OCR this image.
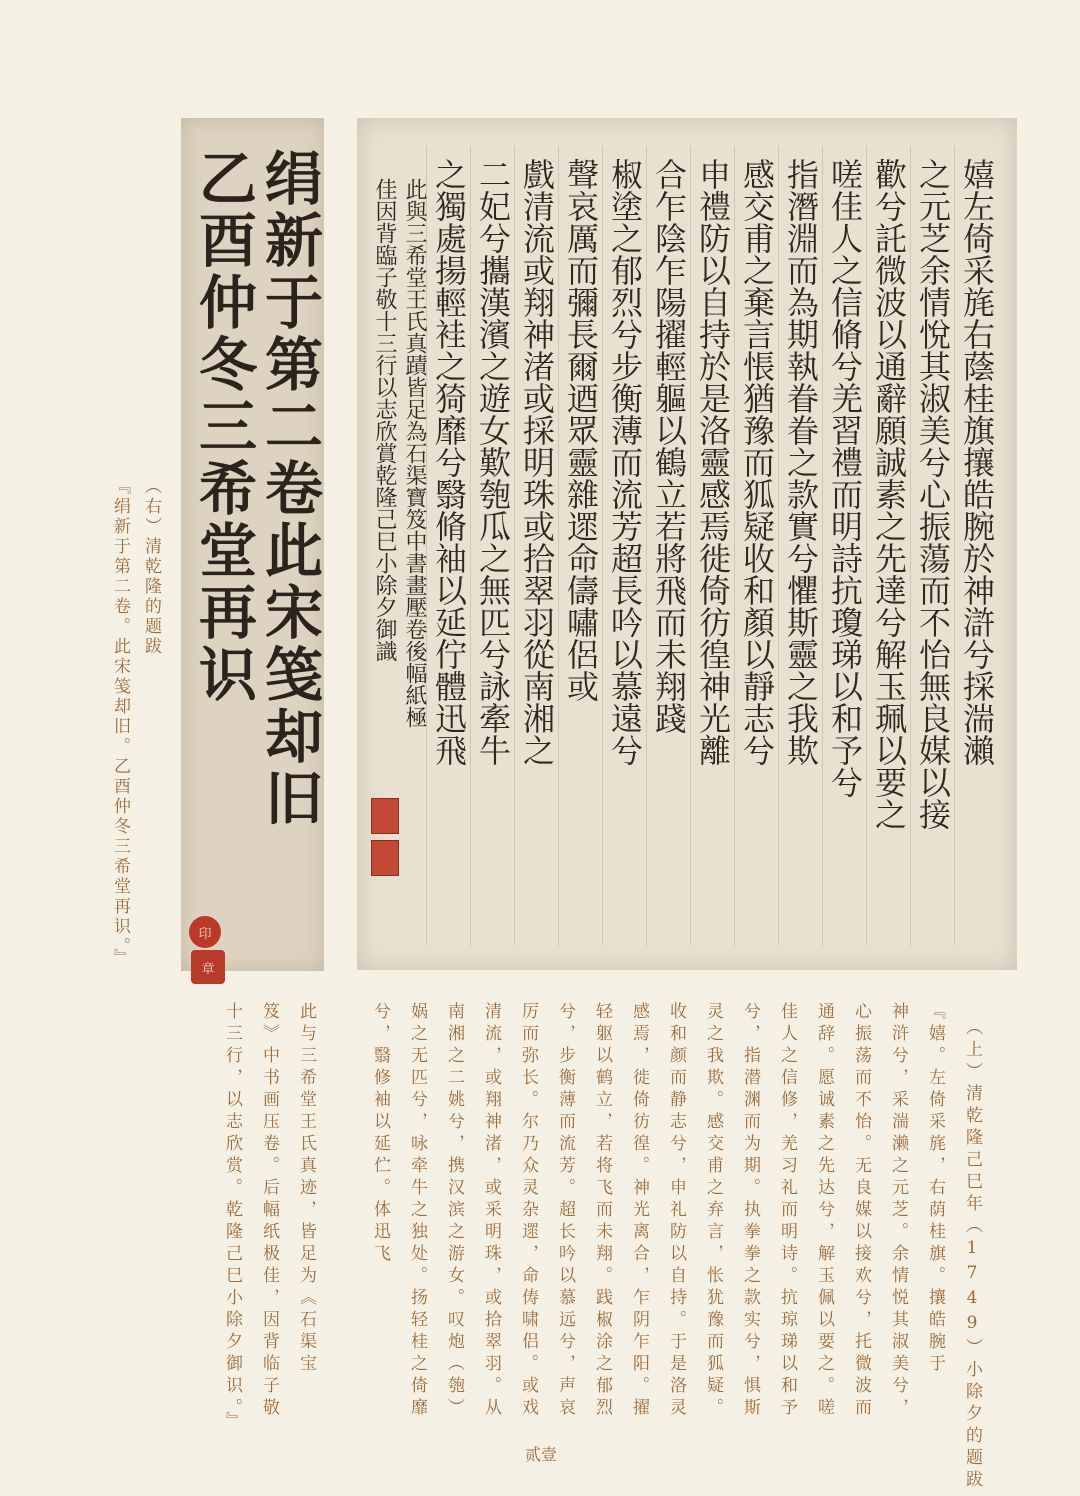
绢新于第二卷此宋笺却旧
乙酉仲冬三希堂再识
印
章
（右）清乾隆的题跋
『绢新于第二卷。此宋笺却旧。乙酉仲冬三希堂再识。』	嬉左倚采旄右蔭桂旗攘皓腕於神滸兮採湍瀨
之元芝余情悅其淑美兮心振蕩而不怡無良媒以接
歡兮託微波以通辭願誠素之先達兮解玉珮以要之
嗟佳人之信脩兮羌習禮而明詩抗瓊珶以和予兮
指潛淵而為期執眷眷之款實兮懼斯靈之我欺
感交甫之棄言悵猶豫而狐疑收和顏以靜志兮
申禮防以自持於是洛靈感焉徙倚彷徨神光離
合乍陰乍陽擢輕軀以鶴立若將飛而未翔踐
椒塗之郁烈兮步衡薄而流芳超長吟以慕遠兮
聲哀厲而彌長爾迺眾靈雜遝命儔嘯侶或
戲清流或翔神渚或採明珠或拾翠羽從南湘之
二妃兮攜漢濱之遊女歎匏瓜之無匹兮詠牽牛
之獨處揚輕袿之猗靡兮翳脩袖以延佇體迅飛
此與三希堂王氏真蹟皆足為石渠寶笈中書畫壓卷後幅紙極
佳因背臨子敬十三行以志欣賞乾隆己巳小除夕御識
（上）清乾隆己巳年（1749）小除夕的题跋
『嬉。左倚采旄，右荫桂旗。攘皓腕于
神浒兮，采湍濑之元芝。余情悦其淑美兮，
心振荡而不怡。无良媒以接欢兮，托微波而
通辞。愿诚素之先达兮，解玉佩以要之。嗟
佳人之信修，羌习礼而明诗。抗琼珶以和予
兮，指潜渊而为期。执拳拳之款实兮，惧斯
灵之我欺。感交甫之弃言，怅犹豫而狐疑。
收和颜而静志兮，申礼防以自持。于是洛灵
感焉，徙倚彷徨。神光离合，乍阴乍阳。擢
轻躯以鹤立，若将飞而未翔。践椒涂之郁烈
兮，步衡薄而流芳。超长吟以慕远兮，声哀
厉而弥长。尔乃众灵杂遝，命俦啸侣。或戏
清流，或翔神渚，或采明珠，或拾翠羽。从
南湘之二姚兮，携汉滨之游女。叹炮（匏）
娲之无匹兮，咏牵牛之独处。扬轻桂之倚靡
兮，翳修袖以延伫。体迅飞
此与三希堂王氏真迹，皆足为《石渠宝
笈》中书画压卷。后幅纸极佳，因背临子敬
十三行，以志欣赏。乾隆己巳小除夕御识。』
贰壹
